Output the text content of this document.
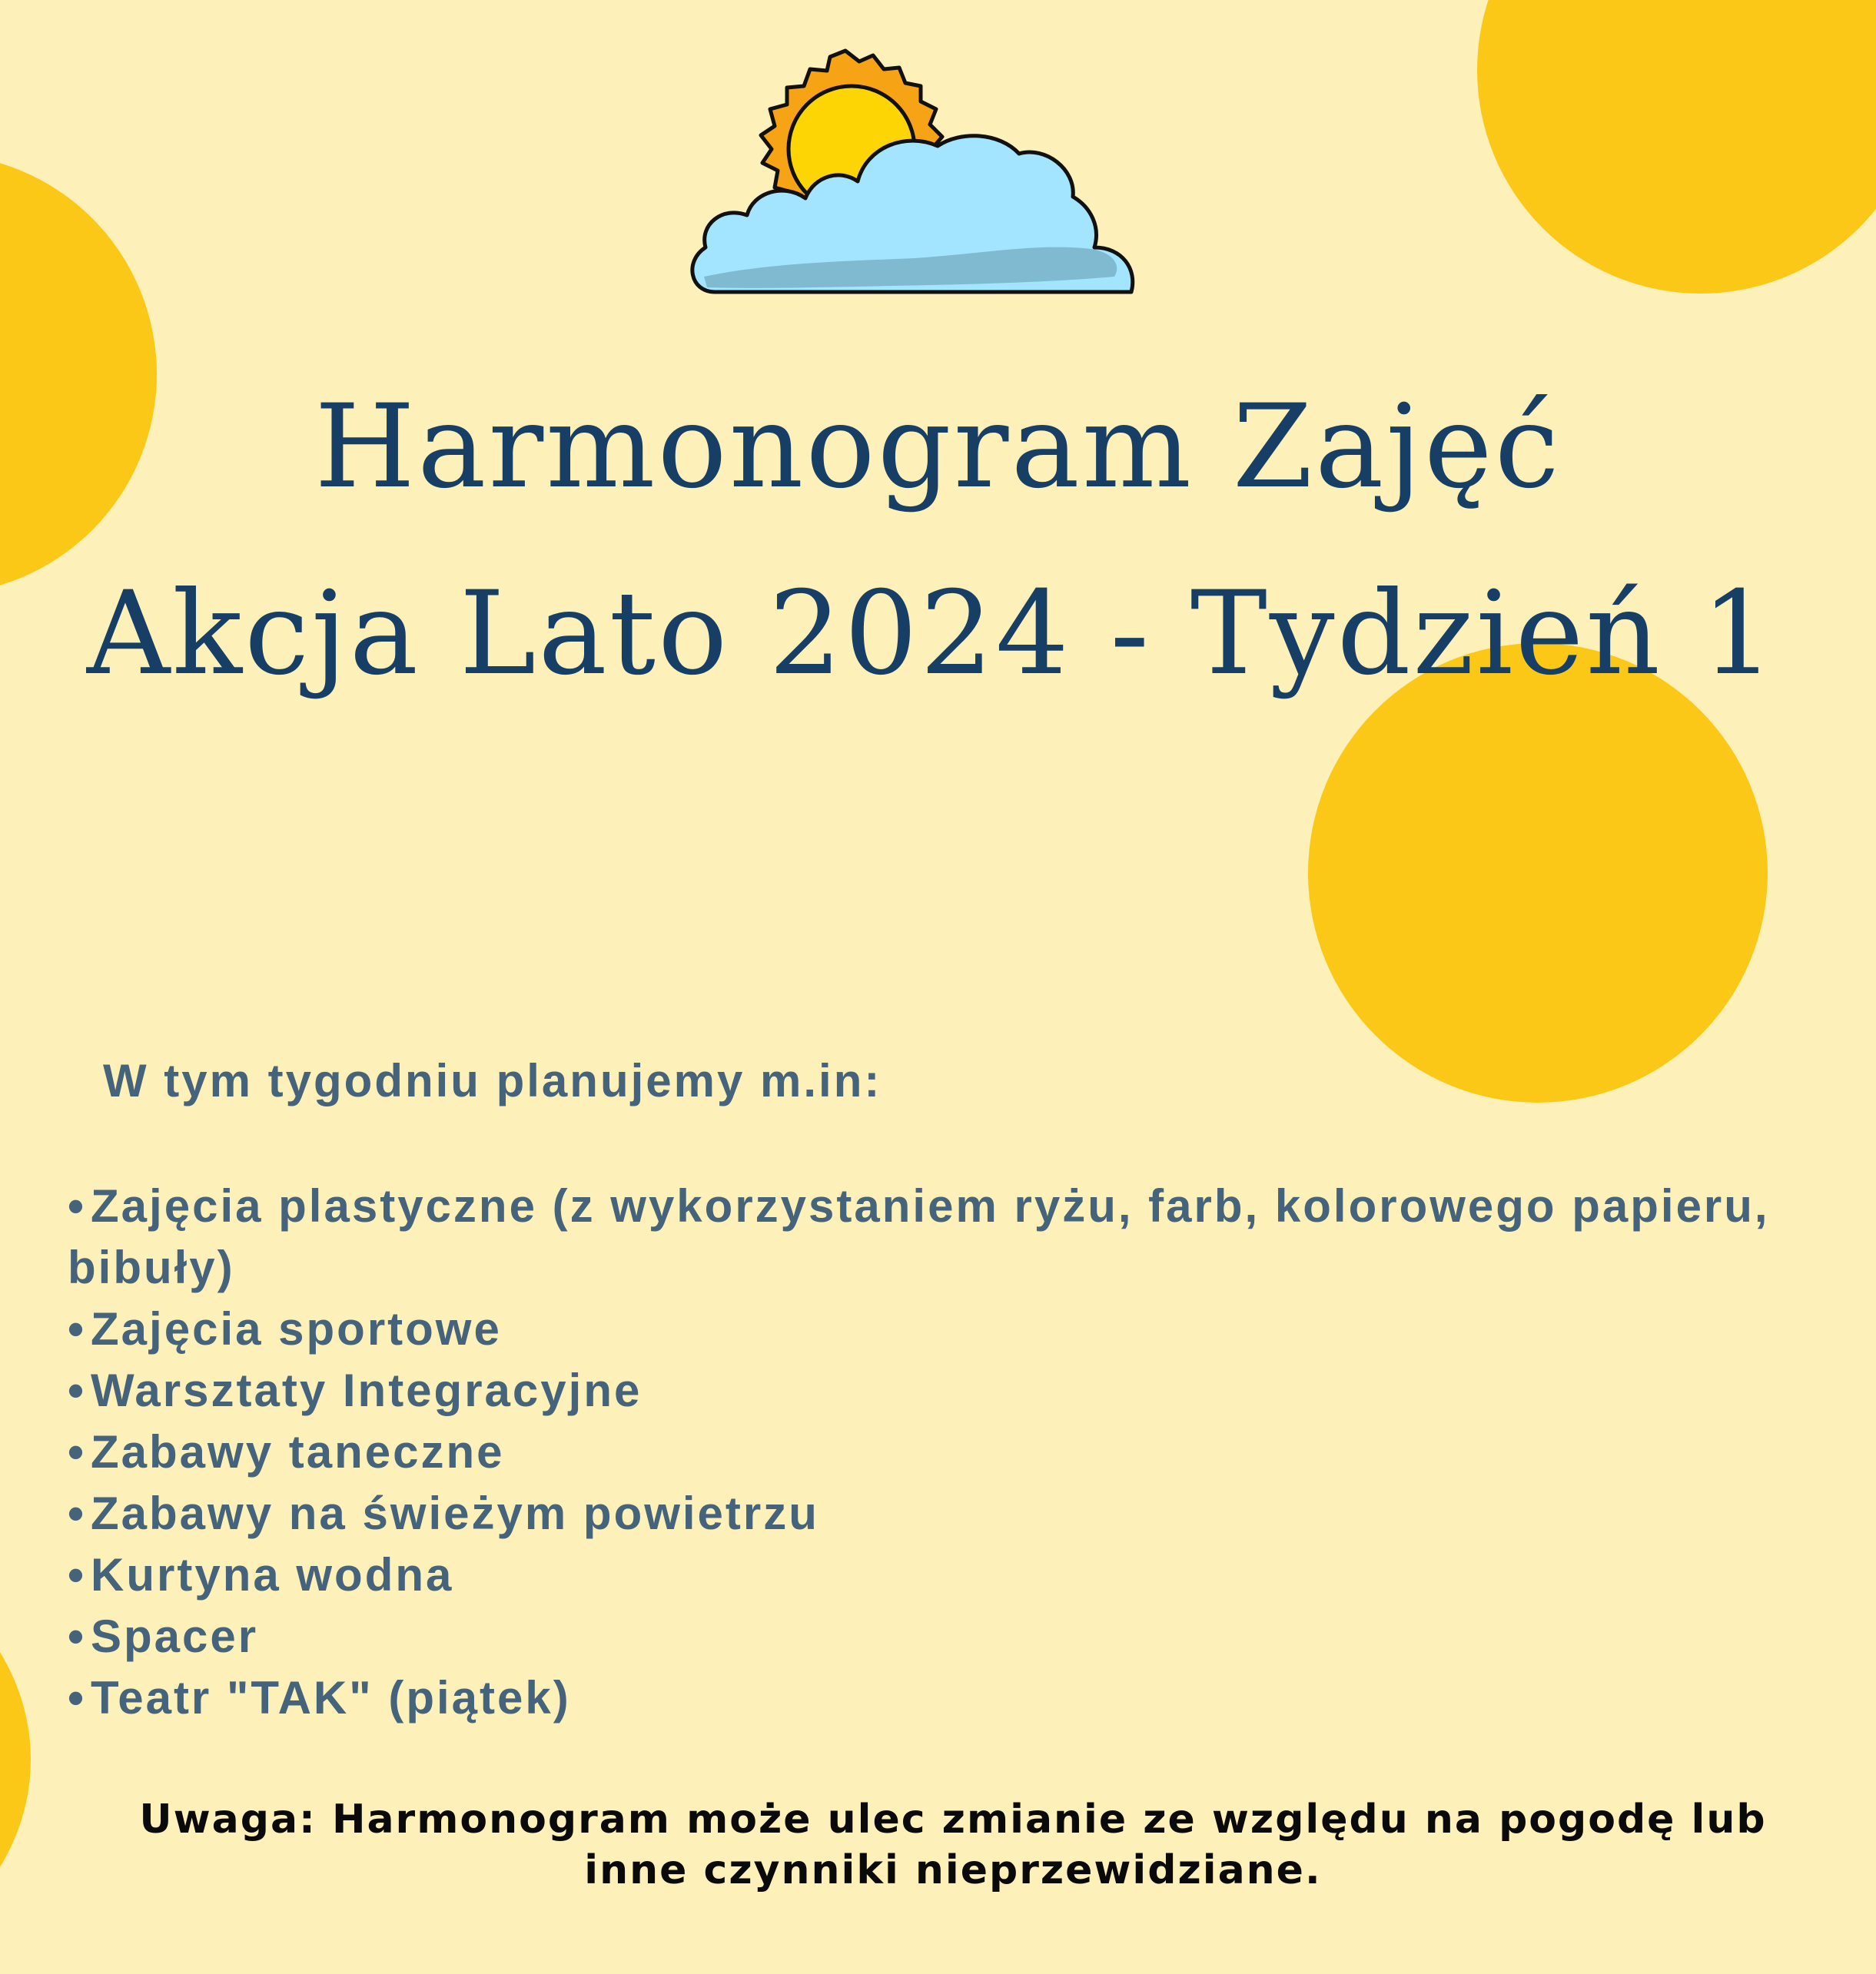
Harmonogram Zajęć
Akcja Lato 2024 - Tydzień 1
W tym tygodniu planujemy m.in:
• Zajęcia plastyczne (z wykorzystaniem ryżu, farb, kolorowego papieru, bibuły)
• Zajęcia sportowe
• Warsztaty Integracyjne
• Zabawy taneczne
• Zabawy na świeżym powietrzu
• Kurtyna wodna
• Spacer
• Teatr "TAK" (piątek)
Uwaga: Harmonogram może ulec zmianie ze względu na pogodę lub
inne czynniki nieprzewidziane.
